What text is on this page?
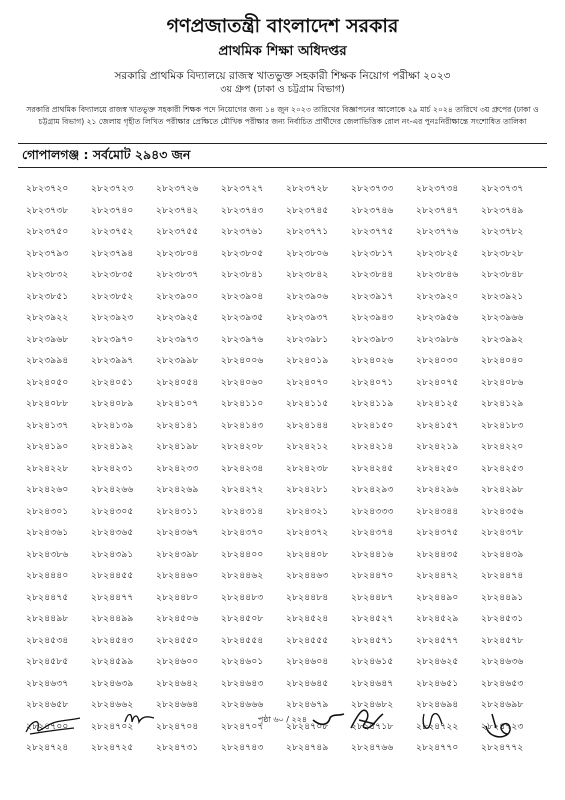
গণপ্রজাতন্ত্রী বাংলাদেশ সরকার
প্রাথমিক শিক্ষা অধিদপ্তর
সরকারি প্রাথমিক বিদ্যালয়ে রাজস্ব খাতভুক্ত সহকারী শিক্ষক নিয়োগ পরীক্ষা ২০২৩
৩য় গ্রুপ (ঢাকা ও চট্টগ্রাম বিভাগ)
সরকারি প্রাথমিক বিদ্যালয়ে রাজস্ব খাতভুক্ত সহকারী শিক্ষক পদে নিয়োগের জন্য ১৪ জুন ২০২৩ তারিখের বিজ্ঞাপনের আলোকে ২৯ মার্চ ২০২৪ তারিখে ৩য় গ্রুপের (ঢাকা ও চট্টগ্রাম বিভাগ) ২১ জেলায় গৃহীত লিখিত পরীক্ষার প্রেক্ষিতে মৌখিক পরীক্ষার জন্য নির্বাচিত প্রার্থীদের জেলাভিত্তিক রোল নং-এর পুনঃনিরীক্ষান্তে সংশোধিত তালিকা
গোপালগঞ্জ : সর্বমোট ২৯৪৩ জন
২৮২৩৭২০	২৮২৩৭২৩	২৮২৩৭২৬	২৮২৩৭২৭	২৮২৩৭২৮	২৮২৩৭৩৩	২৮২৩৭৩৪	২৮২৩৭৩৭
২৮২৩৭৩৮	২৮২৩৭৪০	২৮২৩৭৪২	২৮২৩৭৪৩	২৮২৩৭৪৫	২৮২৩৭৪৬	২৮২৩৭৪৭	২৮২৩৭৪৯
২৮২৩৭৫০	২৮২৩৭৫২	২৮২৩৭৫৫	২৮২৩৭৬১	২৮২৩৭৭১	২৮২৩৭৭৫	২৮২৩৭৭৬	২৮২৩৭৮২
২৮২৩৭৯৩	২৮২৩৭৯৪	২৮২৩৮০৪	২৮২৩৮০৫	২৮২৩৮০৬	২৮২৩৮১৭	২৮২৩৮২৫	২৮২৩৮২৮
২৮২৩৮৩২	২৮২৩৮৩৫	২৮২৩৮৩৭	২৮২৩৮৪১	২৮২৩৮৪২	২৮২৩৮৪৪	২৮২৩৮৪৬	২৮২৩৮৪৮
২৮২৩৮৫১	২৮২৩৮৫২	২৮২৩৯০০	২৮২৩৯০৪	২৮২৩৯০৬	২৮২৩৯১৭	২৮২৩৯২০	২৮২৩৯২১
২৮২৩৯২২	২৮২৩৯২৩	২৮২৩৯২৫	২৮২৩৯৩৫	২৮২৩৯৩৭	২৮২৩৯৪৩	২৮২৩৯৫৬	২৮২৩৯৬৬
২৮২৩৯৬৮	২৮২৩৯৭০	২৮২৩৯৭৩	২৮২৩৯৭৬	২৮২৩৯৮১	২৮২৩৯৮৩	২৮২৩৯৮৬	২৮২৩৯৯২
২৮২৩৯৯৪	২৮২৩৯৯৭	২৮২৩৯৯৮	২৮২৪০০৬	২৮২৪০১৯	২৮২৪০২৬	২৮২৪০৩০	২৮২৪০৪০
২৮২৪০৫০	২৮২৪০৫১	২৮২৪০৫৪	২৮২৪০৬০	২৮২৪০৭০	২৮২৪০৭১	২৮২৪০৭৫	২৮২৪০৮৬
২৮২৪০৮৮	২৮২৪০৮৯	২৮২৪১০৭	২৮২৪১১০	২৮২৪১১৫	২৮২৪১১৯	২৮২৪১২৫	২৮২৪১২৯
২৮২৪১৩৭	২৮২৪১৩৯	২৮২৪১৪১	২৮২৪১৪৩	২৮২৪১৪৪	২৮২৪১৫০	২৮২৪১৫৭	২৮২৪১৮৩
২৮২৪১৯০	২৮২৪১৯২	২৮২৪১৯৮	২৮২৪২০৮	২৮২৪২১২	২৮২৪২১৪	২৮২৪২১৯	২৮২৪২২০
২৮২৪২২৮	২৮২৪২৩১	২৮২৪২৩৩	২৮২৪২৩৪	২৮২৪২৩৮	২৮২৪২৪৫	২৮২৪২৫০	২৮২৪২৫৩
২৮২৪২৬০	২৮২৪২৬৬	২৮২৪২৬৯	২৮২৪২৭২	২৮২৪২৮১	২৮২৪২৯৩	২৮২৪২৯৬	২৮২৪২৯৮
২৮২৪৩০১	২৮২৪৩০৫	২৮২৪৩১১	২৮২৪৩১৪	২৮২৪৩২১	২৮২৪৩৩৩	২৮২৪৩৪৪	২৮২৪৩৫৬
২৮২৪৩৬১	২৮২৪৩৬৫	২৮২৪৩৬৭	২৮২৪৩৭০	২৮২৪৩৭২	২৮২৪৩৭৪	২৮২৪৩৭৫	২৮২৪৩৭৮
২৮২৪৩৮৬	২৮২৪৩৯১	২৮২৪৩৯৮	২৮২৪৪০০	২৮২৪৪০৮	২৮২৪৪১৬	২৮২৪৪৩৫	২৮২৪৪৩৯
২৮২৪৪৪০	২৮২৪৪৫৫	২৮২৪৪৬০	২৮২৪৪৬২	২৮২৪৪৬৩	২৮২৪৪৭০	২৮২৪৪৭২	২৮২৪৪৭৪
২৮২৪৪৭৫	২৮২৪৪৭৭	২৮২৪৪৮০	২৮২৪৪৮৩	২৮২৪৪৮৪	২৮২৪৪৮৭	২৮২৪৪৯০	২৮২৪৪৯১
২৮২৪৪৯৮	২৮২৪৪৯৯	২৮২৪৫০৬	২৮২৪৫০৮	২৮২৪৫২৪	২৮২৪৫২৭	২৮২৪৫২৯	২৮২৪৫৩১
২৮২৪৫৩৪	২৮২৪৫৪৩	২৮২৪৫৫০	২৮২৪৫৫৪	২৮২৪৫৫৫	২৮২৪৫৭১	২৮২৪৫৭৭	২৮২৪৫৭৮
২৮২৪৫৮৫	২৮২৪৫৯৯	২৮২৪৬০০	২৮২৪৬০১	২৮২৪৬০৪	২৮২৪৬১৫	২৮২৪৬২৫	২৮২৪৬৩৬
২৮২৪৬৩৭	২৮২৪৬৩৯	২৮২৪৬৪২	২৮২৪৬৪৩	২৮২৪৬৪৫	২৮২৪৬৪৭	২৮২৪৬৫১	২৮২৪৬৫৩
২৮২৪৬৫৮	২৮২৪৬৬২	২৮২৪৬৬৪	২৮২৪৬৬৬	২৮২৪৬৭৯	২৮২৪৬৮২	২৮২৪৬৯৪	২৮২৪৬৯৮
২৮২৪৭০০	২৮২৪৭০২	২৮২৪৭০৪	২৮২৪৭০৭	২৮২৪৭০৮	২৮২৪৭১৮	২৮২৪৭২২	২৮২৪৭২৩
২৮২৪৭২৪	২৮২৪৭২৫	২৮২৪৭৩১	২৮২৪৭৪৩	২৮২৪৭৪৯	২৮২৪৭৬৬	২৮২৪৭৭০	২৮২৪৭৭২
পৃষ্ঠা ৬০ / ২২৪
